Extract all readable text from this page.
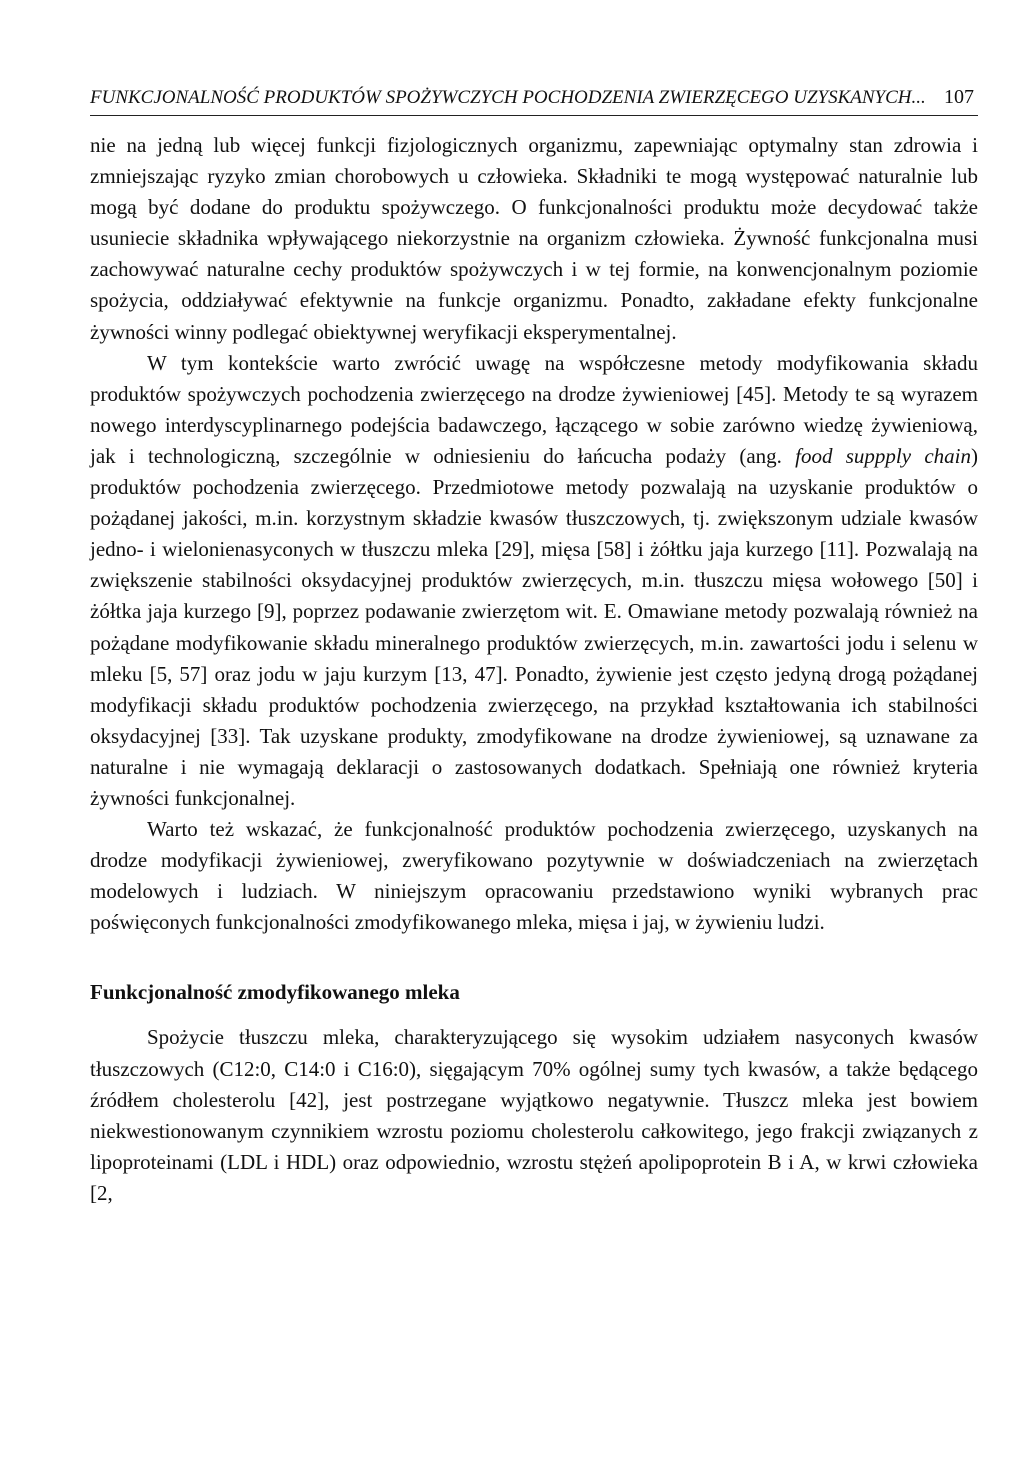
FUNKCJONALNOŚĆ PRODUKTÓW SPOŻYWCZYCH POCHODZENIA ZWIERZĘCEGO UZYSKANYCH... 107

nie na jedną lub więcej funkcji fizjologicznych organizmu, zapewniając optymalny stan zdrowia i zmniejszając ryzyko zmian chorobowych u człowieka. Składniki te mogą występować naturalnie lub mogą być dodane do produktu spożywczego. O funkcjonalności produktu może decydować także usuniecie składnika wpływającego niekorzystnie na organizm człowieka. Żywność funkcjonalna musi zachowywać naturalne cechy produktów spożywczych i w tej formie, na konwencjonalnym poziomie spożycia, oddziaływać efektywnie na funkcje organizmu. Ponadto, zakładane efekty funkcjonalne żywności winny podlegać obiektywnej weryfikacji eksperymentalnej.

W tym kontekście warto zwrócić uwagę na współczesne metody modyfikowania składu produktów spożywczych pochodzenia zwierzęcego na drodze żywieniowej [45]. Metody te są wyrazem nowego interdyscyplinarnego podejścia badawczego, łączącego w sobie zarówno wiedzę żywieniową, jak i technologiczną, szczególnie w odniesieniu do łańcucha podaży (ang. food suppply chain) produktów pochodzenia zwierzęcego. Przedmiotowe metody pozwalają na uzyskanie produktów o pożądanej jakości, m.in. korzystnym składzie kwasów tłuszczowych, tj. zwiększonym udziale kwasów jedno- i wielonienasyconych w tłuszczu mleka [29], mięsa [58] i żółtku jaja kurzego [11]. Pozwalają na zwiększenie stabilności oksydacyjnej produktów zwierzęcych, m.in. tłuszczu mięsa wołowego [50] i żółtka jaja kurzego [9], poprzez podawanie zwierzętom wit. E. Omawiane metody pozwalają również na pożądane modyfikowanie składu mineralnego produktów zwierzęcych, m.in. zawartości jodu i selenu w mleku [5, 57] oraz jodu w jaju kurzym [13, 47]. Ponadto, żywienie jest często jedyną drogą pożądanej modyfikacji składu produktów pochodzenia zwierzęcego, na przykład kształtowania ich stabilności oksydacyjnej [33]. Tak uzyskane produkty, zmodyfikowane na drodze żywieniowej, są uznawane za naturalne i nie wymagają deklaracji o zastosowanych dodatkach. Spełniają one również kryteria żywności funkcjonalnej.

Warto też wskazać, że funkcjonalność produktów pochodzenia zwierzęcego, uzyskanych na drodze modyfikacji żywieniowej, zweryfikowano pozytywnie w doświadczeniach na zwierzętach modelowych i ludziach. W niniejszym opracowaniu przedstawiono wyniki wybranych prac poświęconych funkcjonalności zmodyfikowanego mleka, mięsa i jaj, w żywieniu ludzi.

Funkcjonalność zmodyfikowanego mleka

Spożycie tłuszczu mleka, charakteryzującego się wysokim udziałem nasyconych kwasów tłuszczowych (C12:0, C14:0 i C16:0), sięgającym 70% ogólnej sumy tych kwasów, a także będącego źródłem cholesterolu [42], jest postrzegane wyjątkowo negatywnie. Tłuszcz mleka jest bowiem niekwestionowanym czynnikiem wzrostu poziomu cholesterolu całkowitego, jego frakcji związanych z lipoproteinami (LDL i HDL) oraz odpowiednio, wzrostu stężeń apolipoprotein B i A, w krwi człowieka [2,
